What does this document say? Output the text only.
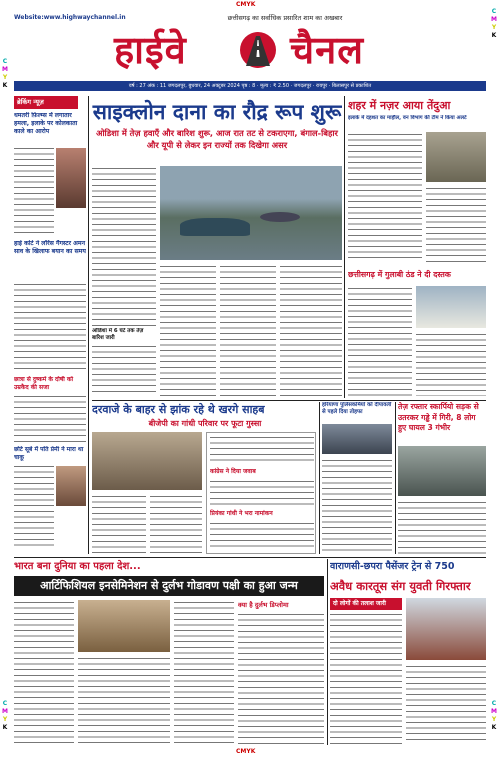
CMYK
CMYK
C
M
Y
K
C
M
Y
K
C
M
Y
K
C
M
Y
K
Website:www.highwaychannel.in	छत्तीसगढ़ का सर्वाधिक प्रसारित शाम का अखबार
हाईवे	चैनल
वर्ष : 27 अंक : 11 जगदलपुर, बुधवार, 24 अक्टूबर 2024 पृष्ठ : 8 · मूल्य : ₹ 2.50 · जगदलपुर · रायपुर · बिलासपुर से प्रकाशित
ब्रेकिंग न्यूज़
धमतरी फ़िल्म्स में लगातार हमला, इलाके पर कोलकाता काले का आरोप
हाई कोर्ट ने लॉरेंस गैंगस्टर अमन साव के खिलाफ बयान का समय
छात्रा से दुष्कर्म के दोषी को उम्रकैद की सजा
छोटे सूबे में पति प्रेमी ने मारा था चाकू
साइक्लोन दाना का रौद्र रूप शुरू
ओडिशा में तेज़ हवाएँ और बारिश शुरू, आज रात तट से टकराएगा, बंगाल-बिहार और यूपी से लेकर इन राज्यों तक दिखेगा असर
ओडिशा में 6 घंटे तक तेज़ बारिश जारी
शहर में नज़र आया तेंदुआ
इलाके में दहशत का माहौल, वन विभाग की टीम ने किया अलर्ट
छत्तीसगढ़ में गुलाबी ठंड ने दी दस्तक
दरवाजे के बाहर से झांक रहे थे खरगे साहब
बीजेपी का गांधी परिवार पर फूटा गुस्सा
कांग्रेस ने दिया जवाब
प्रियंका गांधी ने भरा नामांकन
हरियाणा पुलिसकर्मियों को दीपावली से पहले दिया तोहफा
तेज़ रफ्तार स्कार्पियो सड़क से उतरकर गड्ढे में गिरी, 8 लोग हुए घायल 3 गंभीर
भारत बना दुनिया का पहला देश...
आर्टिफिशियल इनसेमिनेशन से दुर्लभ गोडावण पक्षी का हुआ जन्म
क्या है दुर्लभ डिप्लोमा
वाराणसी-छपरा पैसेंजर ट्रेन से 750
अवैध कारतूस संग युवती गिरफ्तार
दो लोगों की तलाश जारी
